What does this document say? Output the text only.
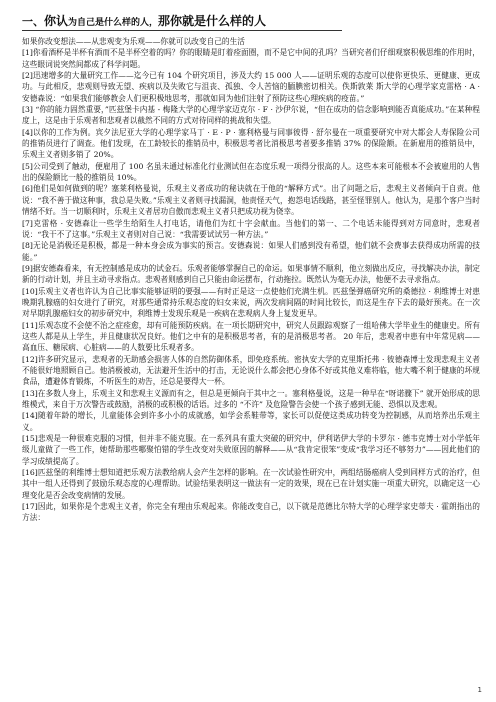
一、你认为自己是什么样的人，那你就是什么样的人

如果你改变想法——从悲观变为乐观——你就可以改变自己的生活

[1]你看酒杯是半杯有酒而不是半杯空着的吗？你的眼睛是盯着痊面圈，而不是它中间的孔吗？当研究者们仔细观察积极思维的作用时，这些眼词说突然间都成了科学问题。

[2]迅速增多的大量研究工作——迄今已有 104 个研究项目，涉及大约 15 000 人——证明乐观的态度可以使你更快乐、更健康、更成功。与此相反，悲观则导致无望、疾病以及失败它与沮丧、孤独、令人苦恼的腼腆密切相关。佚斯敦莱 斯大学的心理学家克雷格 · A · 安德森说：“如果我们能够教会人们更积极地思考，那就如同为他们注射了预防这些心理疾病的疫苗。”

[3] “你的能力固然重要，”匹兹堡卡内基 - 梅隆大学的心理学家迈克尔 · F · 沙伊尔说，“但在成功的信念影响到能否真能成功。”在某种程度上，这是由于乐观者和悲观者以截然不同的方式对待同样的挑战和失望。

[4]以你的工作为例。宾夕法尼亚大学的心理学家马丁 · E · P · 塞利格曼与同事彼得 · 舒尔曼在一项重要研究中对大都会人寿保险公司的推销员进行了调查。他们发现，在工龄较长的推销员中，积极思考者比消极思考者要多推销 37% 的保险额。在新雇用的推销员中，乐观主义者则多销了 20%。

[5]公司受到了触动，便雇用了 100 名虽未通过标准化行业测试但在态度乐观一项得分很高的人。这些本来可能根本不会被雇用的人售出的保险额比一般的推销员 10%。

[6]他们是如何做到的呢？塞莱利格曼说，乐观主义者成功的秘诀就在于他的“解释方式”。出了问题之后，悲观主义者倾向于自责。他说：“我不善于做这种事，我总是失败。”乐观主义者则寻找漏洞，他责怪天气，抱怨电话线路，甚至怪罪别人。他认为，是那个客户当时情绪不好。当一切顺利时，乐观主义者居功自傲而悲观主义者只把成功视为侥幸。

[7]克雷格 · 安德森让一些学生给陌生人打电话，请他们为红十字会献血。当他们的第一、二个电话未能得到对方同意时，悲观者说：“我干不了这事。”乐观主义者则对自己说：“我需要试试另一种方法。”

[8]无论是消极还是积极，都是一种本身会成为事实的预言。安德森说：如果人们感到没有希望，他们就不会费事去获得成功所需的技能。”

[9]据安德森看来，有无控制感是成功的试金石。乐观者能够掌握自己的命运。如果事情不顺利，他立刻做出反应，寻找解决办法，制定新的行动计划，并且主动寻求指点。悲观者则感到自己只能由命运摆布，行动拖拉。既然认为毫无办法，他便不去寻求指点。

[10]乐观主义者也许认为自己比事实能够证明的要强——有时正是这一点使他们充满生机。匹兹堡弹癌研究所的桑德拉 · 利维博士对患晚期乳腺癌的妇女进行了研究，对那些通常持乐观态度的妇女来说，两次发病间隔的时间比较长，而这是生存下去的最好预兆。在一次对早期乳腺癌妇女的初步研究中，利维博士发现乐观是一疾病在悲观病人身上复发更早。

[11]乐观态度不会使不治之症痊愈，却有可能预防疾病。在一项长期研究中，研究人员跟踪观察了一组哈佛大学毕业生的健康史。所有这些人都是从上学生，并且健康状况良好。他们之中有的是积极思考者，有的是消极思考者。 20 年后，悲观者中患有中年常见病——高血压、糖尿病、心脏病——的人数要比乐观者多。

[12]许多研究显示，悲观者的无助感会损害人体的自然防御体系，即免疫系统。密执安大学的克里斯托弗 · 彼德森博士发现悲观主义者不能很好地照顾自己。他消极被动，无法避开生活中的打击，无论说什么都会把心身体不好或其他义难将临，他大嘴不利于健康的坏规食品，遭避体育锻炼，不听医生的劝告，还总是要得大一杯。

[13]在多数人身上，乐观主义和悲观主义源而有之，但总是更倾向于其中之一。塞利格曼说，这是一种早在“呀诺骤下” 就开始形成的思维模式，来自于万次警告或鼓励，消极的或积极的话语。过多的 “不许” 及危险警告会使一个孩子感到无能、恐惧以及悲观。

[14]随着年龄的增长，儿童能体会到许多小小的成就感，如学会系鞋带等，家长可以促使这类成功转变为控制感，从而培养出乐观主义。

[15]悲观是一种很难克服的习惯，但并非不能克服。在一系列具有重大突破的研究中，伊利诺伊大学的卡罗尔 · 德韦克博士对小学低年级儿童做了一些工作，她帮助那些哪聚怕错的学生改变对失败原因的解释——从“我肯定很笨”变成“我学习还不够努力”——因此他们的学习成绩提高了。

[16]匹兹堡的利维博士想知道把乐观方法教给病人会产生怎样的影响。在一次试验性研究中，两组结肠癌病人受到同样方式的治疗，但其中一组人还得到了鼓励乐观态度的心理帮助。试验结果表明这一做法有一定的效果，现在已在计划实施一项重大研究，以确定这一心理变化是否会改变病情的发展。

[17]因此，如果你是个悲观主义者，你完全有理由乐观起来。你能改变自己，以下就是范德比尔特大学的心理学家史蒂夫 · 霍朗指出的方法：

1
